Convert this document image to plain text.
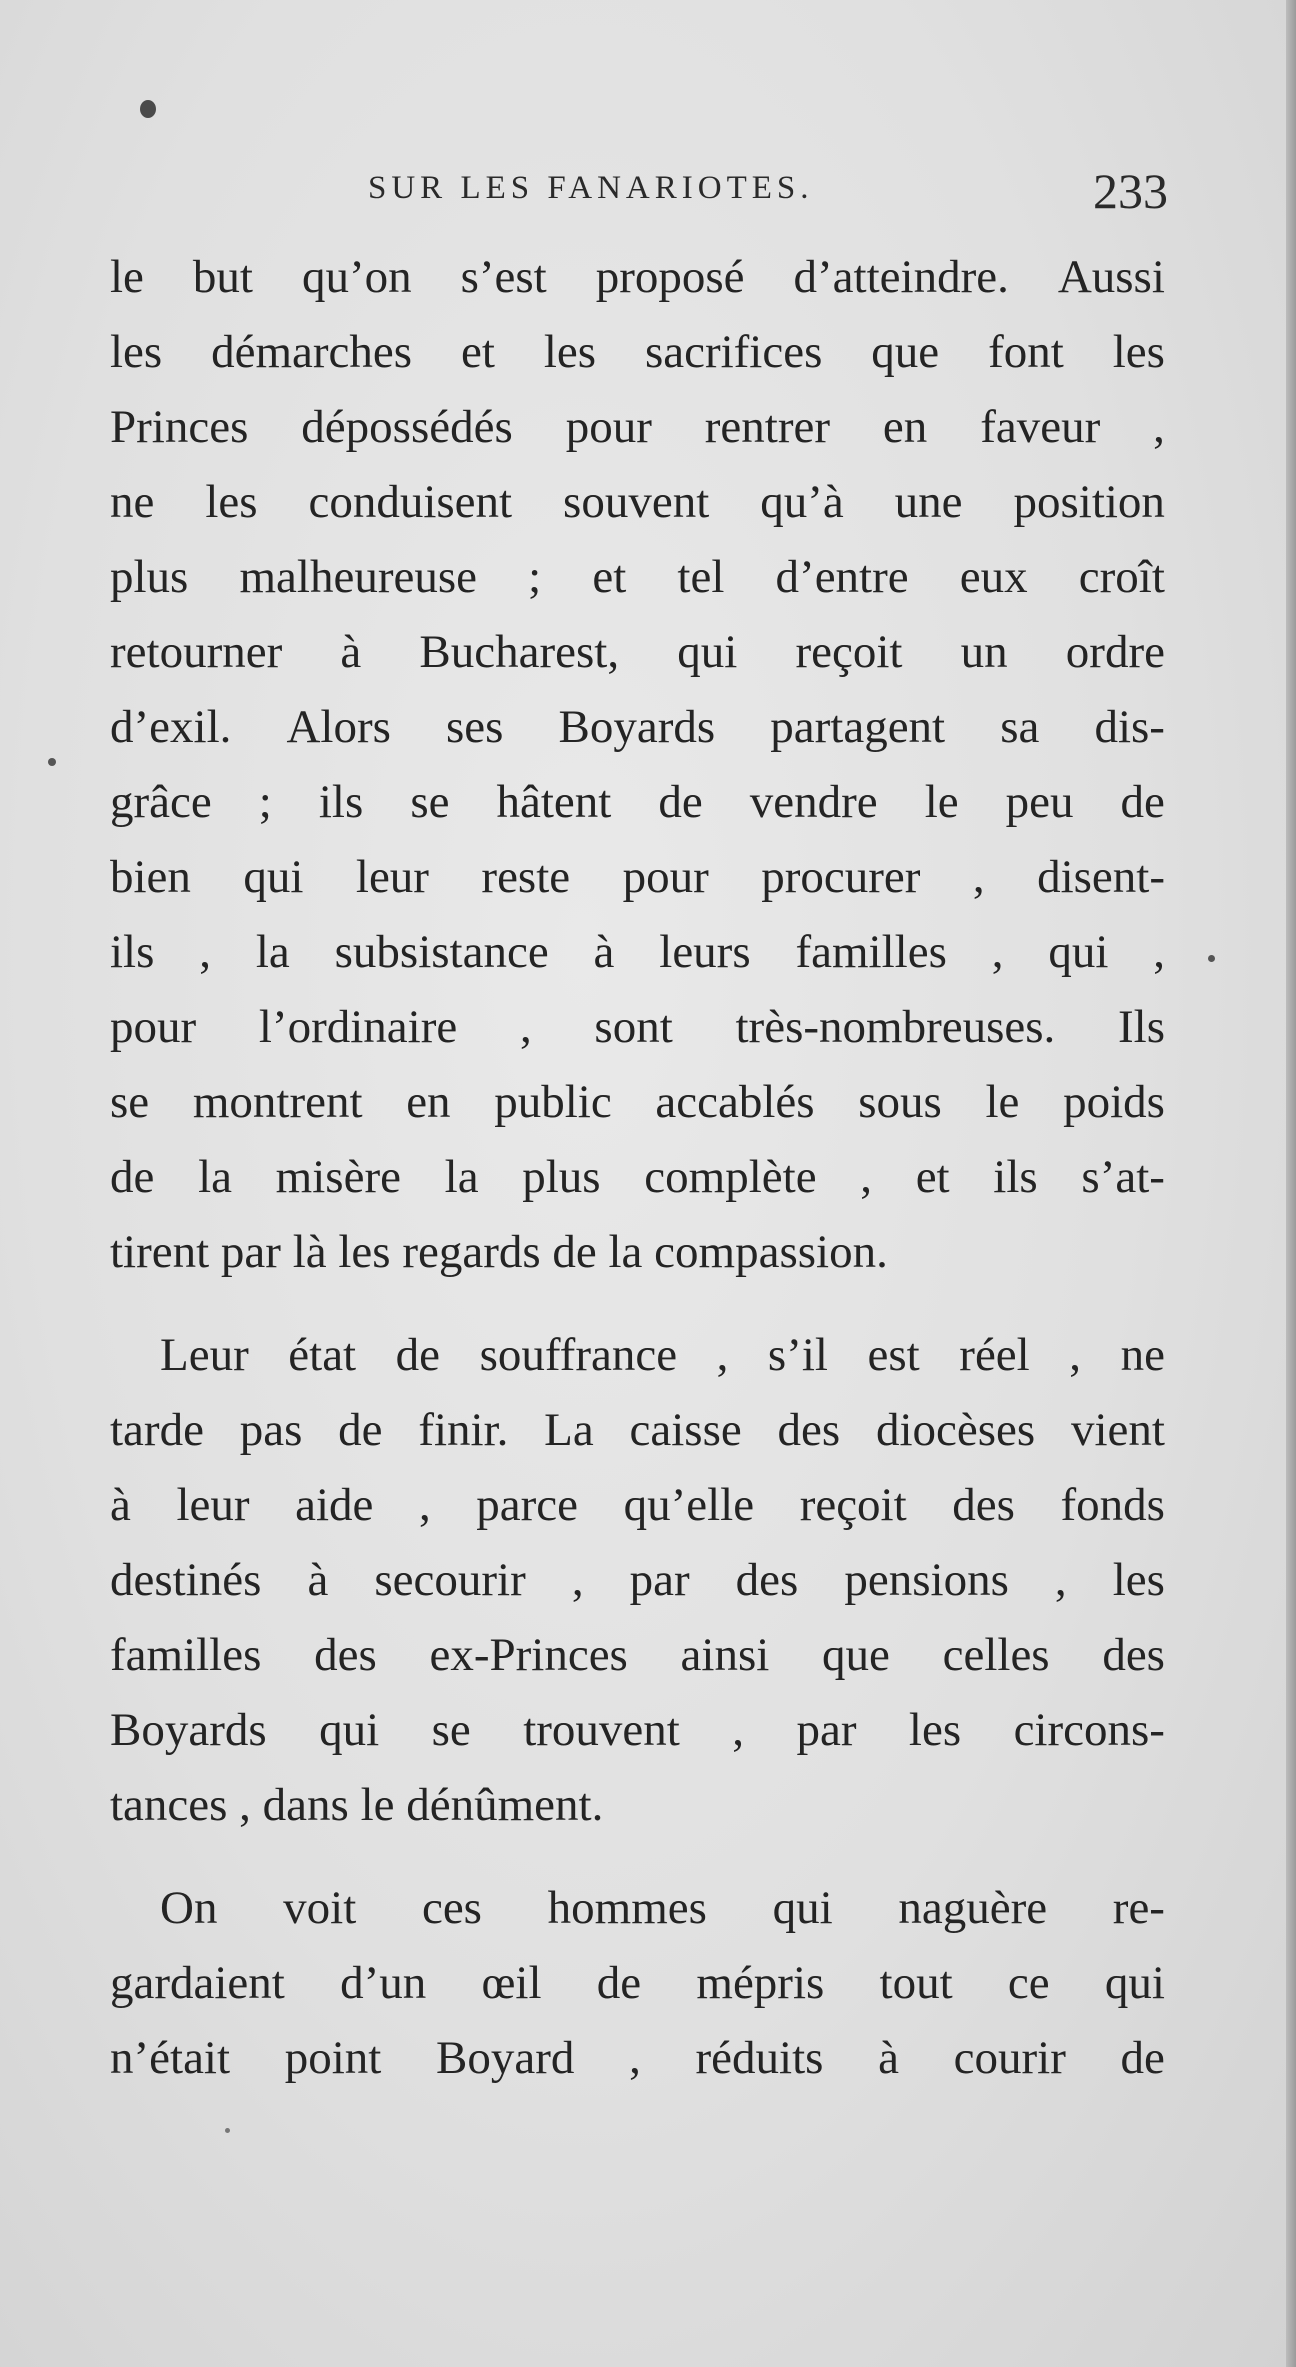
SUR LES FANARIOTES.	233
le but qu’on s’est proposé d’atteindre. Aussi
les démarches et les sacrifices que font les
Princes dépossédés pour rentrer en faveur ,
ne les conduisent souvent qu’à une position
plus malheureuse ; et tel d’entre eux croît
retourner à Bucharest, qui reçoit un ordre
d’exil. Alors ses Boyards partagent sa dis-
grâce ; ils se hâtent de vendre le peu de
bien qui leur reste pour procurer , disent-
ils , la subsistance à leurs familles , qui ,
pour l’ordinaire , sont très-nombreuses. Ils
se montrent en public accablés sous le poids
de la misère la plus complète , et ils s’at-
tirent par là les regards de la compassion.
Leur état de souffrance , s’il est réel , ne
tarde pas de finir. La caisse des diocèses vient
à leur aide , parce qu’elle reçoit des fonds
destinés à secourir , par des pensions , les
familles des ex-Princes ainsi que celles des
Boyards qui se trouvent , par les circons-
tances , dans le dénûment.
On voit ces hommes qui naguère re-
gardaient d’un œil de mépris tout ce qui
n’était point Boyard , réduits à courir de
